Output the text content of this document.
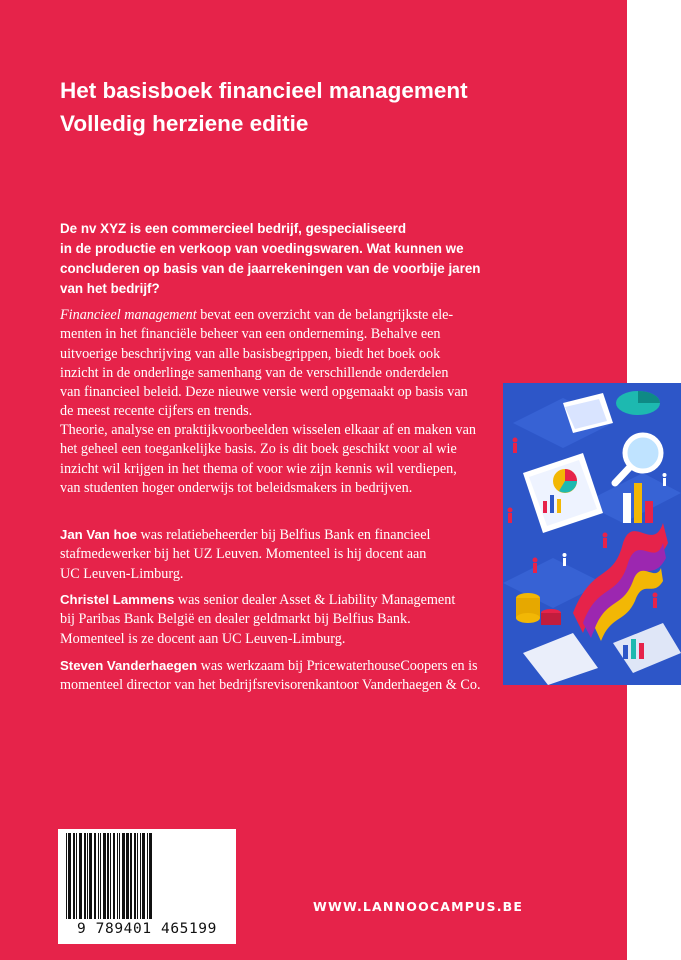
Het basisboek financieel management
Volledig herziene editie
De nv XYZ is een commercieel bedrijf, gespecialiseerd
in de productie en verkoop van voedingswaren. Wat kunnen we
concluderen op basis van de jaarrekeningen van de voorbije jaren
van het bedrijf?
Financieel management bevat een overzicht van de belangrijkste ele-
menten in het financiële beheer van een onderneming. Behalve een
uitvoerige beschrijving van alle basisbegrippen, biedt het boek ook
inzicht in de onderlinge samenhang van de verschillende onderdelen
van financieel beleid. Deze nieuwe versie werd opgemaakt op basis van
de meest recente cijfers en trends.
Theorie, analyse en praktijkvoorbeelden wisselen elkaar af en maken van
het geheel een toegankelijke basis. Zo is dit boek geschikt voor al wie
inzicht wil krijgen in het thema of voor wie zijn kennis wil verdiepen,
van studenten hoger onderwijs tot beleidsmakers in bedrijven.
Jan Van hoe was relatiebeheerder bij Belfius Bank en financieel
stafmedewerker bij het UZ Leuven. Momenteel is hij docent aan
UC Leuven-Limburg.
Christel Lammens was senior dealer Asset & Liability Management
bij Paribas Bank België en dealer geldmarkt bij Belfius Bank.
Momenteel is ze docent aan UC Leuven-Limburg.
Steven Vanderhaegen was werkzaam bij PricewaterhouseCoopers en is
momenteel director van het bedrijfsrevisorenkantoor Vanderhaegen & Co.
9 789401 465199
WWW.LANNOOCAMPUS.BE
